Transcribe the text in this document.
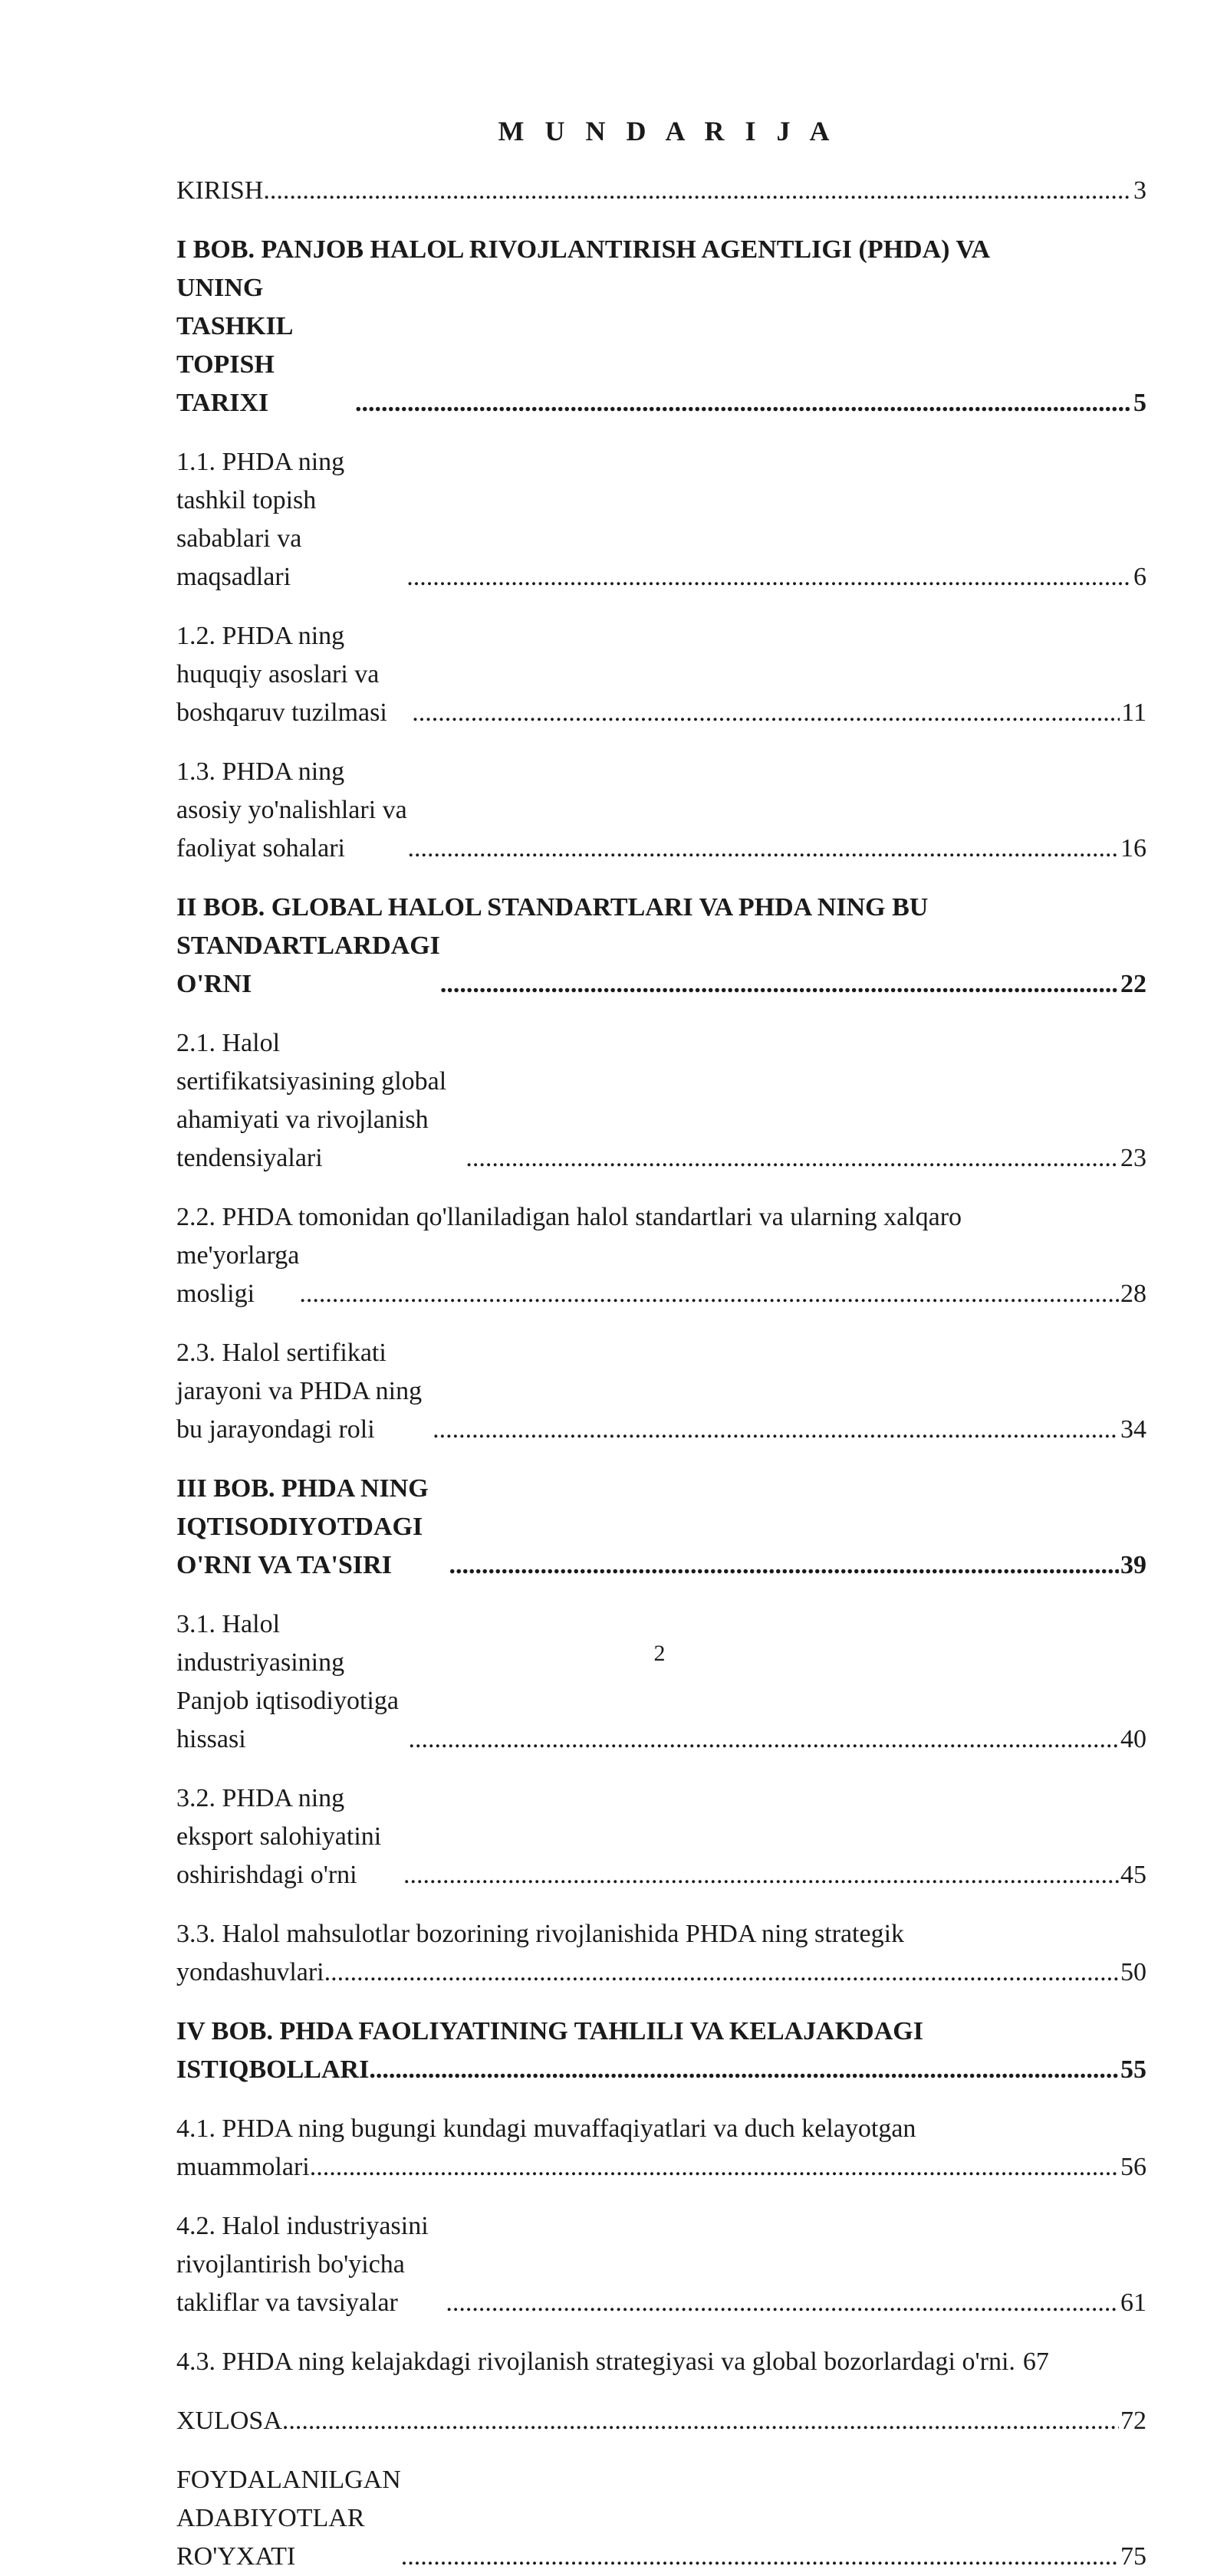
M U N D A R I J A
KIRISH .....	3
I BOB. PANJOB HALOL RIVOJLANTIRISH AGENTLIGI (PHDA) VA
UNING TASHKIL TOPISH TARIXI .....	5
1.1. PHDA ning tashkil topish sabablari va maqsadlari .....	6
1.2. PHDA ning huquqiy asoslari va boshqaruv tuzilmasi .....	11
1.3. PHDA ning asosiy yo'nalishlari va faoliyat sohalari .....	16
II BOB. GLOBAL HALOL STANDARTLARI VA PHDA NING BU
STANDARTLARDAGI O'RNI .....	22
2.1. Halol sertifikatsiyasining global ahamiyati va rivojlanish tendensiyalari .....	23
2.2. PHDA tomonidan qo'llaniladigan halol standartlari va ularning xalqaro
me'yorlarga mosligi .....	28
2.3. Halol sertifikati jarayoni va PHDA ning bu jarayondagi roli .....	34
III BOB. PHDA NING IQTISODIYOTDAGI O'RNI VA TA'SIRI .....	39
3.1. Halol industriyasining Panjob iqtisodiyotiga hissasi .....	40
3.2. PHDA ning eksport salohiyatini oshirishdagi o'rni .....	45
3.3. Halol mahsulotlar bozorining rivojlanishida PHDA ning strategik
yondashuvlari .....	50
IV BOB. PHDA FAOLIYATINING TAHLILI VA KELAJAKDAGI
ISTIQBOLLARI .....	55
4.1. PHDA ning bugungi kundagi muvaffaqiyatlari va duch kelayotgan
muammolari .....	56
4.2. Halol industriyasini rivojlantirish bo'yicha takliflar va tavsiyalar .....	61
4.3. PHDA ning kelajakdagi rivojlanish strategiyasi va global bozorlardagi o'rni. 67
XULOSA .....	72
FOYDALANILGAN ADABIYOTLAR RO'YXATI .....	75
2
